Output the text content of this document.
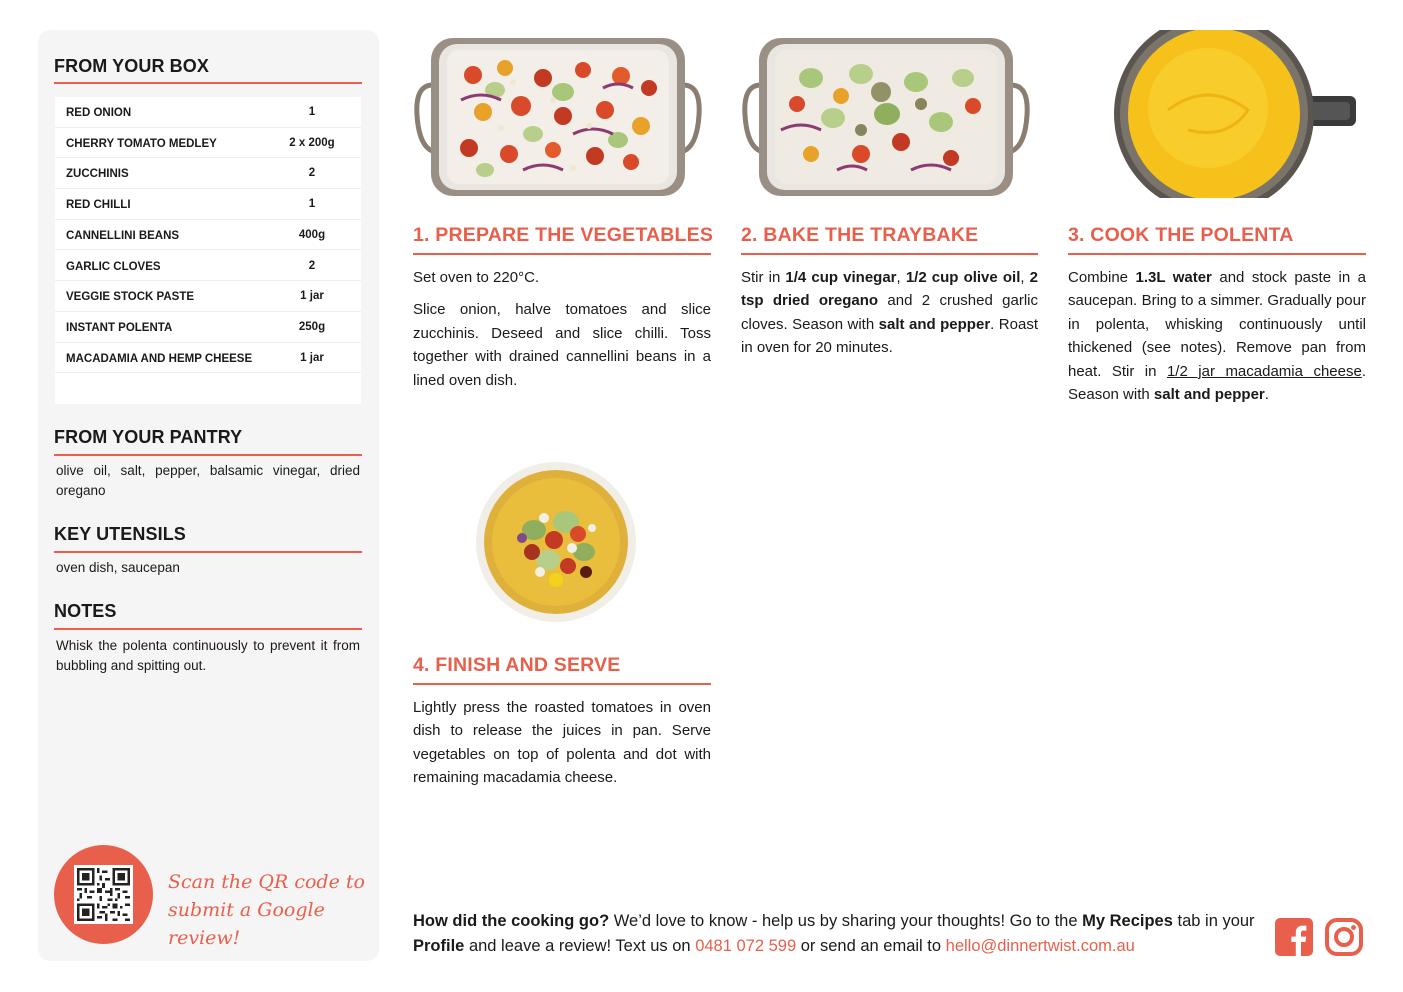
FROM YOUR BOX
RED ONION	1
CHERRY TOMATO MEDLEY	2 x 200g
ZUCCHINIS	2
RED CHILLI	1
CANNELLINI BEANS	400g
GARLIC CLOVES	2
VEGGIE STOCK PASTE	1 jar
INSTANT POLENTA	250g
MACADAMIA AND HEMP CHEESE	1 jar
FROM YOUR PANTRY
olive oil, salt, pepper, balsamic vinegar, dried oregano
KEY UTENSILS
oven dish, saucepan
NOTES
Whisk the polenta continuously to prevent it from bubbling and spitting out.
Scan the QR code to
submit a Google review!
1. PREPARE THE VEGETABLES

Set oven to 220°C.

Slice onion, halve tomatoes and slice zucchinis. Deseed and slice chilli. Toss together with drained cannellini beans in a lined oven dish.

2. BAKE THE TRAYBAKE

Stir in 1/4 cup vinegar, 1/2 cup olive oil, 2 tsp dried oregano and 2 crushed garlic cloves. Season with salt and pepper. Roast in oven for 20 minutes.

3. COOK THE POLENTA

Combine 1.3L water and stock paste in a saucepan. Bring to a simmer. Gradually pour in polenta, whisking continuously until thickened (see notes). Remove pan from heat. Stir in 1/2 jar macadamia cheese. Season with salt and pepper.

4. FINISH AND SERVE

Lightly press the roasted tomatoes in oven dish to release the juices in pan. Serve vegetables on top of polenta and dot with remaining macadamia cheese.

How did the cooking go? We’d love to know - help us by sharing your thoughts! Go to the My Recipes tab in your Profile and leave a review! Text us on 0481 072 599 or send an email to hello@dinnertwist.com.au
